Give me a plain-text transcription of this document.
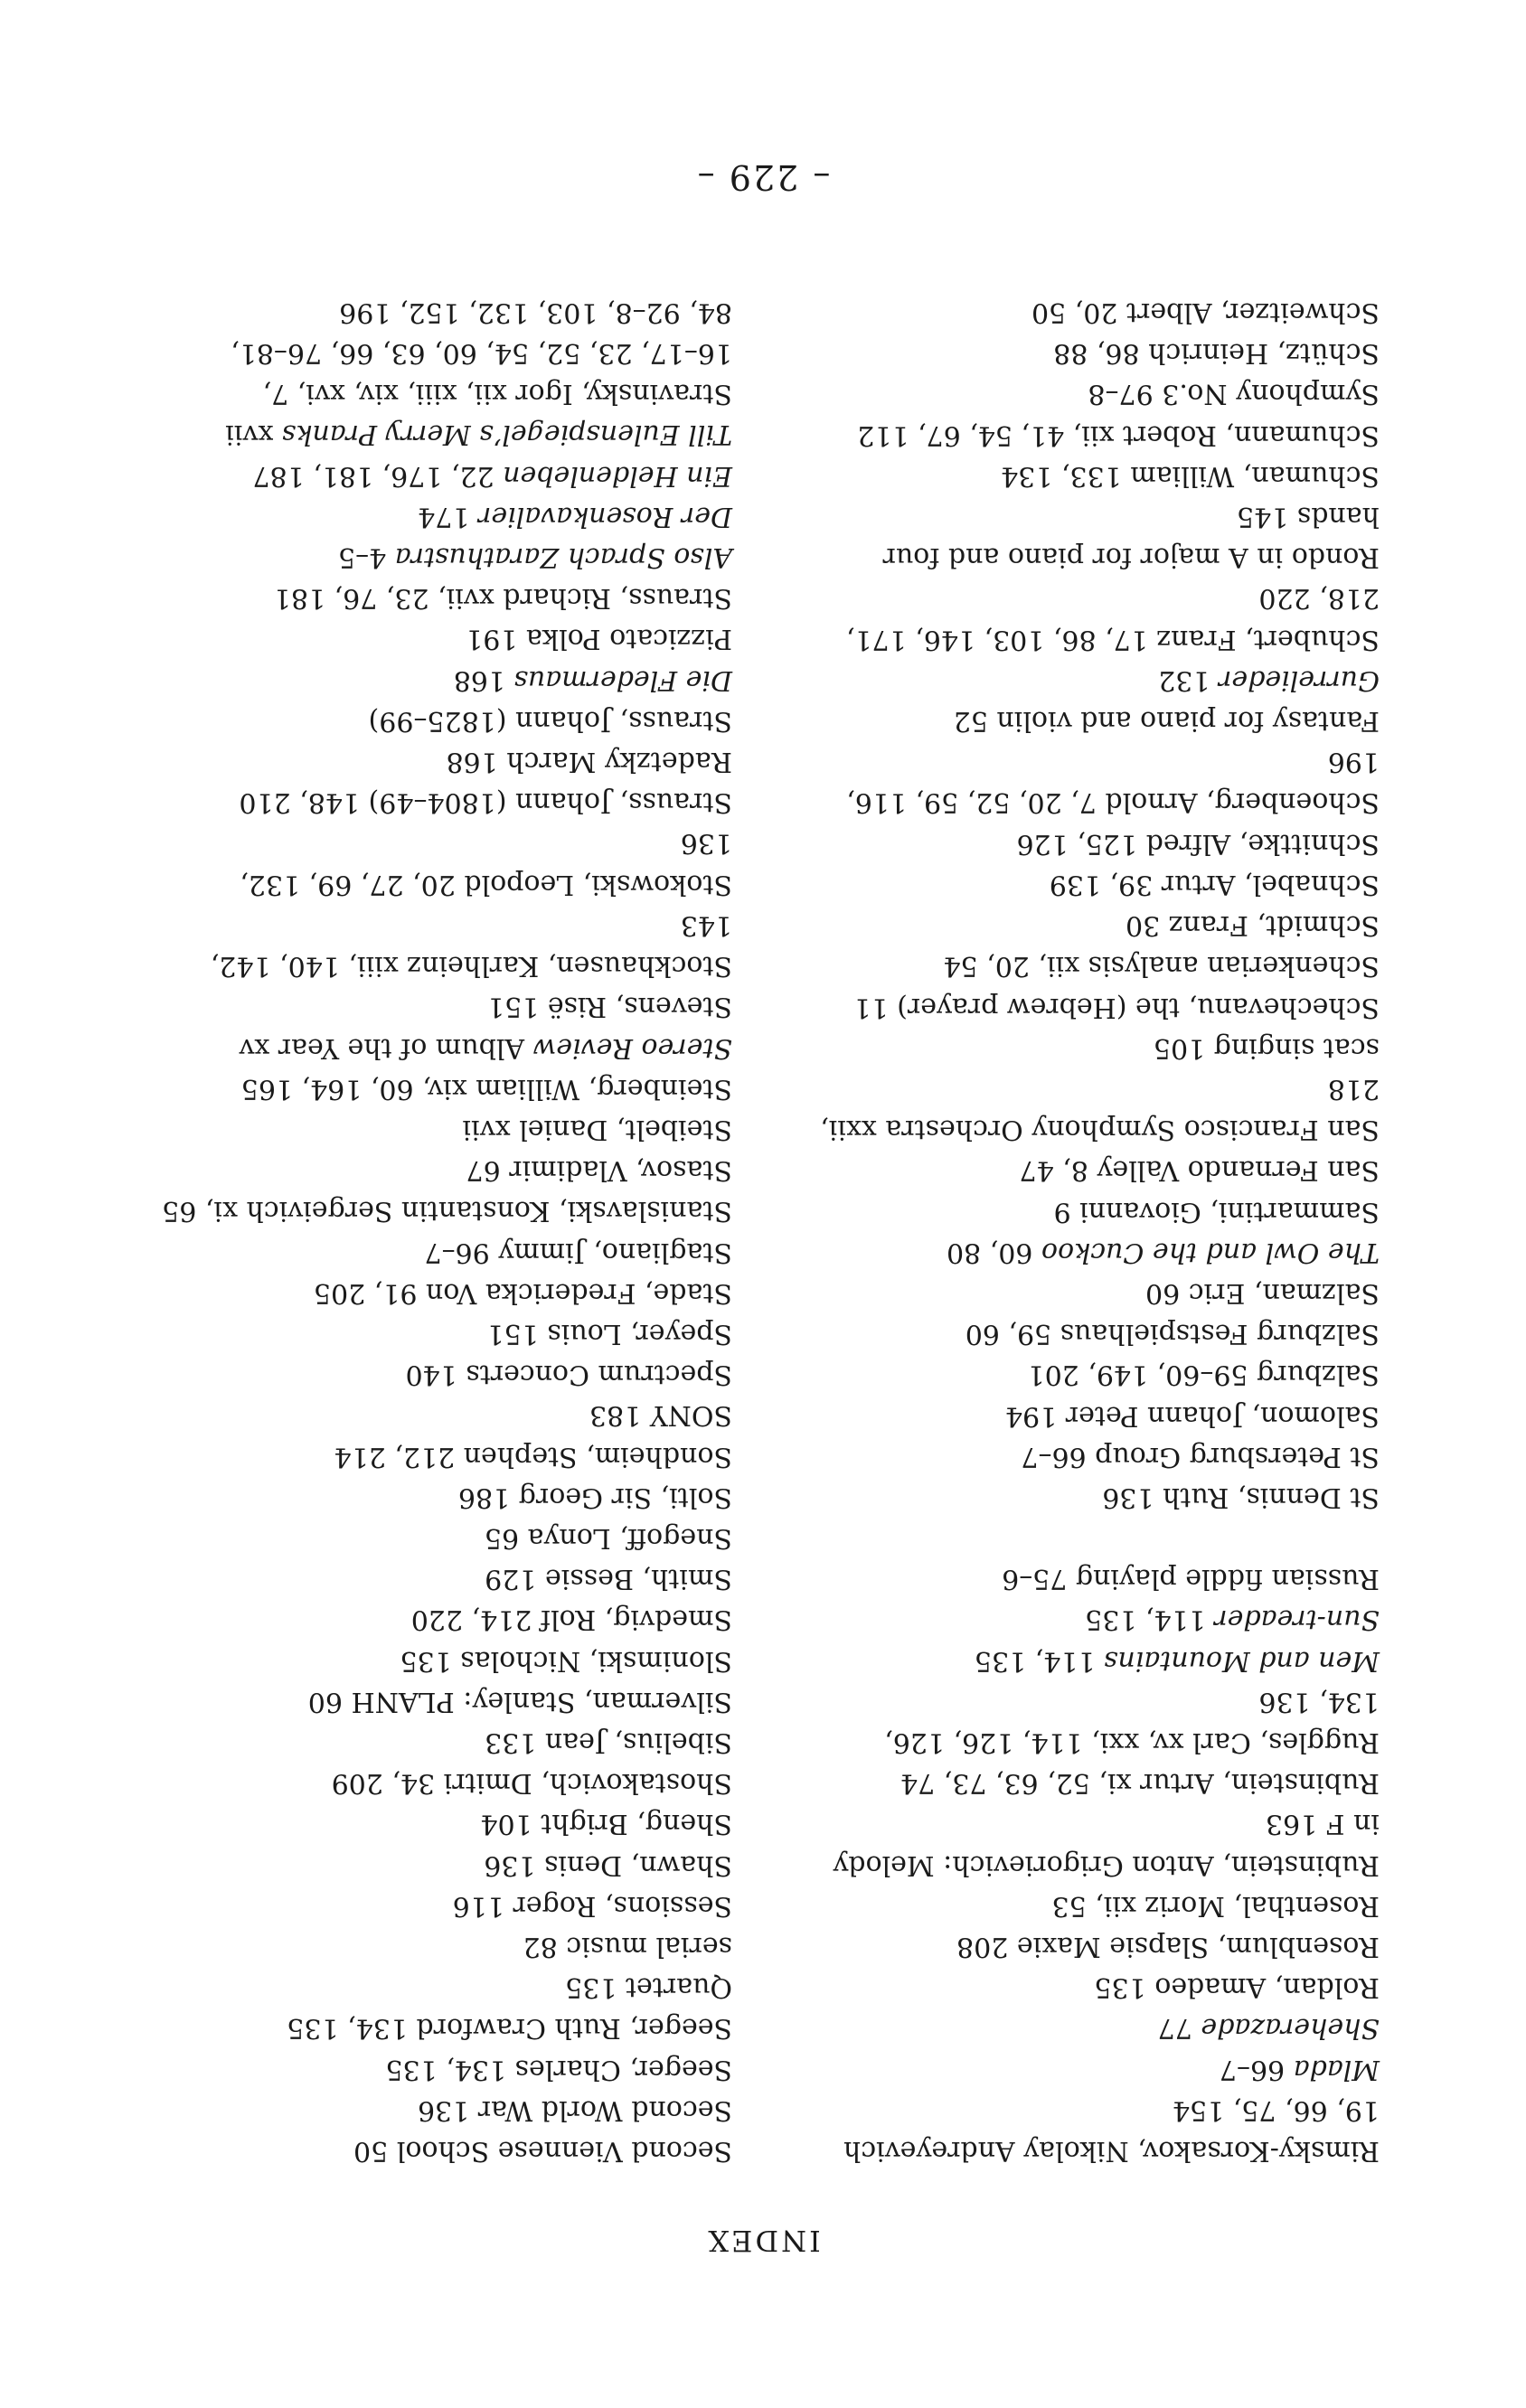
INDEX
Rimsky-Korsakov, Nikolay Andreyevich
19, 66, 75, 154
Mlada 66–7
Sheherazade 77
Roldan, Amadeo 135
Rosenblum, Slapsie Maxie 208
Rosenthal, Moriz xii, 53
Rubinstein, Anton Grigorievich: Melody
in F 163
Rubinstein, Artur xi, 52, 63, 73, 74
Ruggles, Carl xv, xxi, 114, 126, 126,
134, 136
Men and Mountains 114, 135
Sun-treader 114, 135
Russian fiddle playing 75–6
St Dennis, Ruth 136
St Petersburg Group 66–7
Salomon, Johann Peter 194
Salzburg 59–60, 149, 201
Salzburg Festspielhaus 59, 60
Salzman, Eric 60
The Owl and the Cuckoo 60, 80
Sammartini, Giovanni 9
San Fernando Valley 8, 47
San Francisco Symphony Orchestra xxii,
218
scat singing 105
Schechevanu, the (Hebrew prayer) 11
Schenkerian analysis xii, 20, 54
Schmidt, Franz 30
Schnabel, Artur 39, 139
Schnittke, Alfred 125, 126
Schoenberg, Arnold 7, 20, 52, 59, 116,
196
Fantasy for piano and violin 52
Gurrelieder 132
Schubert, Franz 17, 86, 103, 146, 171,
218, 220
Rondo in A major for piano and four
hands 145
Schuman, William 133, 134
Schumann, Robert xii, 41, 54, 67, 112
Symphony No.3 97–8
Schütz, Heinrich 86, 88
Schweitzer, Albert 20, 50
Second Viennese School 50
Second World War 136
Seeger, Charles 134, 135
Seeger, Ruth Crawford 134, 135
Quartet 135
serial music 82
Sessions, Roger 116
Shawn, Denis 136
Sheng, Bright 104
Shostakovich, Dmitri 34, 209
Sibelius, Jean 133
Silverman, Stanley: PLANH 60
Slonimski, Nicholas 135
Smedvig, Rolf 214, 220
Smith, Bessie 129
Snegoff, Lonya 65
Solti, Sir Georg 186
Sondheim, Stephen 212, 214
SONY 183
Spectrum Concerts 140
Speyer, Louis 151
Stade, Fredericka Von 91, 205
Stagliano, Jimmy 96–7
Stanislavski, Konstantin Sergeivich xi, 65
Stasov, Vladimir 67
Steibelt, Daniel xvii
Steinberg, William xiv, 60, 164, 165
Stereo Review Album of the Year xv
Stevens, Risë 151
Stockhausen, Karlheinz xiii, 140, 142,
143
Stokowski, Leopold 20, 27, 69, 132,
136
Strauss, Johann (1804–49) 148, 210
Radetzky March 168
Strauss, Johann (1825–99)
Die Fledermaus 168
Pizzicato Polka 191
Strauss, Richard xvii, 23, 76, 181
Also Sprach Zarathustra 4–5
Der Rosenkavalier 174
Ein Heldenleben 22, 176, 181, 187
Till Eulenspiegel’s Merry Pranks xvii
Stravinsky, Igor xii, xiii, xiv, xvi, 7,
16–17, 23, 52, 54, 60, 63, 66, 76–81,
84, 92–8, 103, 132, 152, 196
– 229 –
